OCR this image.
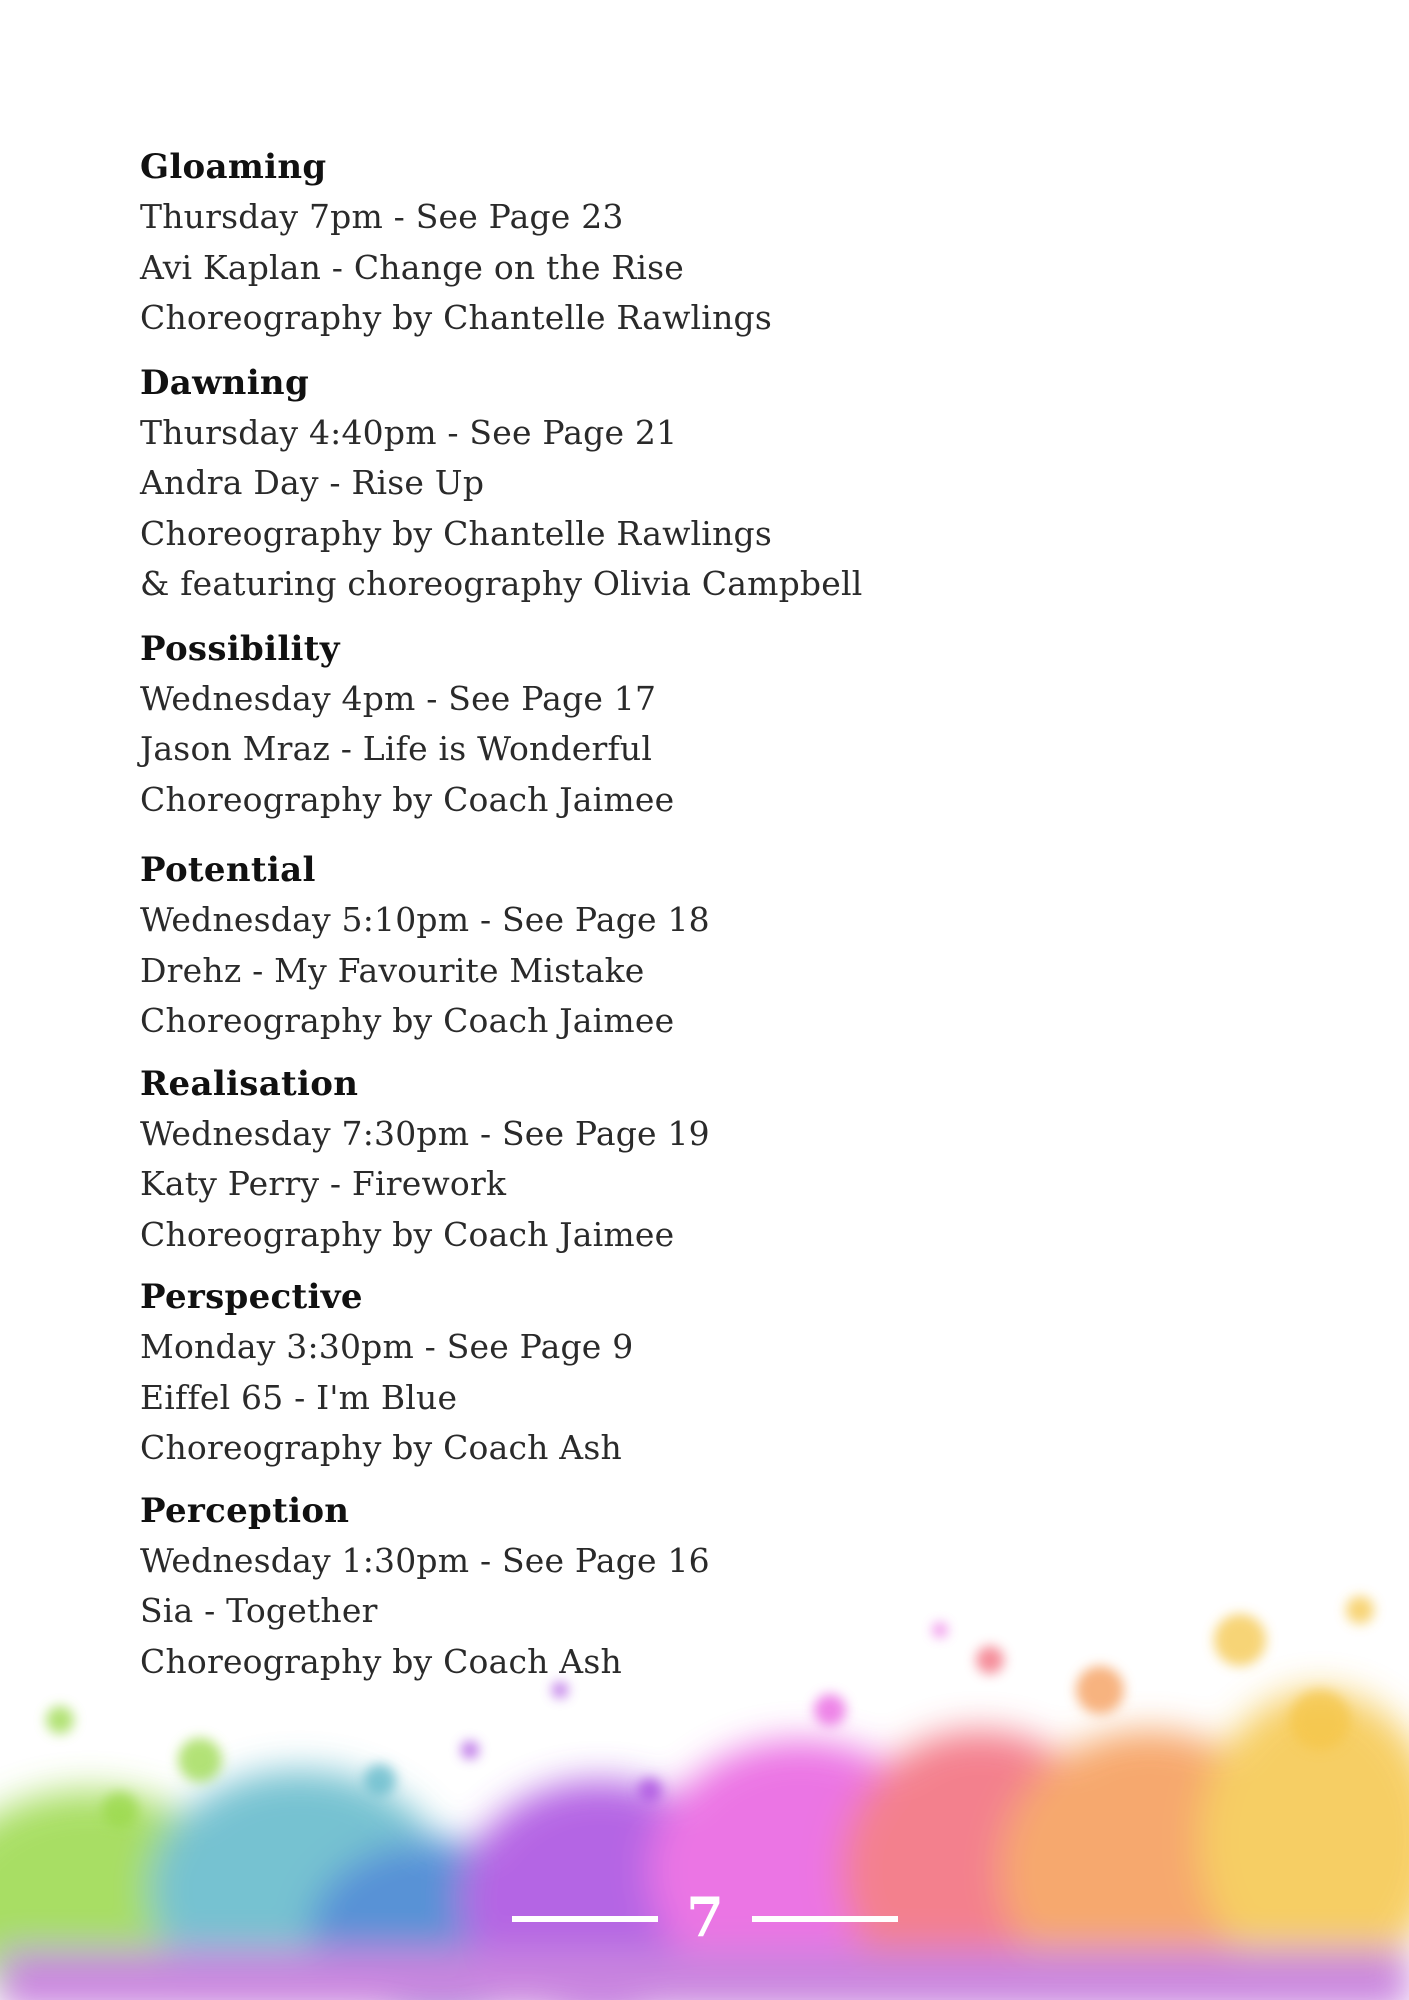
Gloaming
Thursday 7pm - See Page 23
Avi Kaplan - Change on the Rise
Choreography by Chantelle Rawlings
Dawning
Thursday 4:40pm - See Page 21
Andra Day - Rise Up
Choreography by Chantelle Rawlings
& featuring choreography Olivia Campbell
Possibility
Wednesday 4pm - See Page 17
Jason Mraz - Life is Wonderful
Choreography by Coach Jaimee
Potential
Wednesday 5:10pm - See Page 18
Drehz - My Favourite Mistake
Choreography by Coach Jaimee
Realisation
Wednesday 7:30pm - See Page 19
Katy Perry - Firework
Choreography by Coach Jaimee
Perspective
Monday 3:30pm - See Page 9
Eiffel 65 - I'm Blue
Choreography by Coach Ash
Perception
Wednesday 1:30pm - See Page 16
Sia - Together
Choreography by Coach Ash
7
